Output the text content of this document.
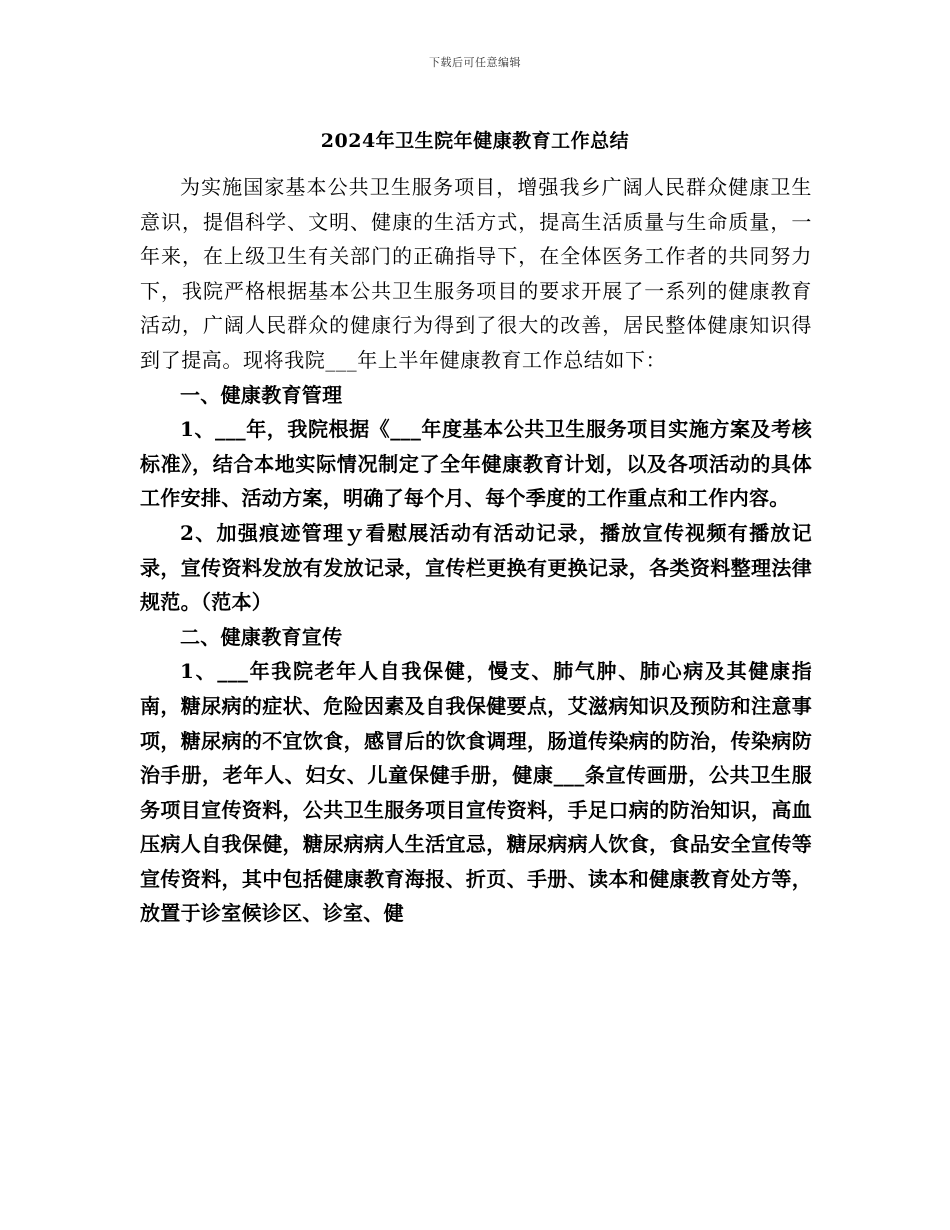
下载后可任意编辑
2024年卫生院年健康教育工作总结

为实施国家基本公共卫生服务项目，增强我乡广阔人民群众健康卫生意识，提倡科学、文明、健康的生活方式，提高生活质量与生命质量，一年来，在上级卫生有关部门的正确指导下，在全体医务工作者的共同努力下，我院严格根据基本公共卫生服务项目的要求开展了一系列的健康教育活动，广阔人民群众的健康行为得到了很大的改善，居民整体健康知识得到了提高。现将我院___年上半年健康教育工作总结如下：

一、健康教育管理

1、___年，我院根据《___年度基本公共卫生服务项目实施方案及考核标准》，结合本地实际情况制定了全年健康教育计划，以及各项活动的具体工作安排、活动方案，明确了每个月、每个季度的工作重点和工作内容。

2、加强痕迹管理ｙ看慰展活动有活动记录，播放宣传视频有播放记录，宣传资料发放有发放记录，宣传栏更换有更换记录，各类资料整理法律规范。（范本）

二、健康教育宣传

1、___年我院老年人自我保健，慢支、肺气肿、肺心病及其健康指南，糖尿病的症状、危险因素及自我保健要点，艾滋病知识及预防和注意事项，糖尿病的不宜饮食，感冒后的饮食调理，肠道传染病的防治，传染病防治手册，老年人、妇女、儿童保健手册，健康___条宣传画册，公共卫生服务项目宣传资料，公共卫生服务项目宣传资料，手足口病的防治知识，高血压病人自我保健，糖尿病病人生活宜忌，糖尿病病人饮食，食品安全宣传等宣传资料，其中包括健康教育海报、折页、手册、读本和健康教育处方等，放置于诊室候诊区、诊室、健
